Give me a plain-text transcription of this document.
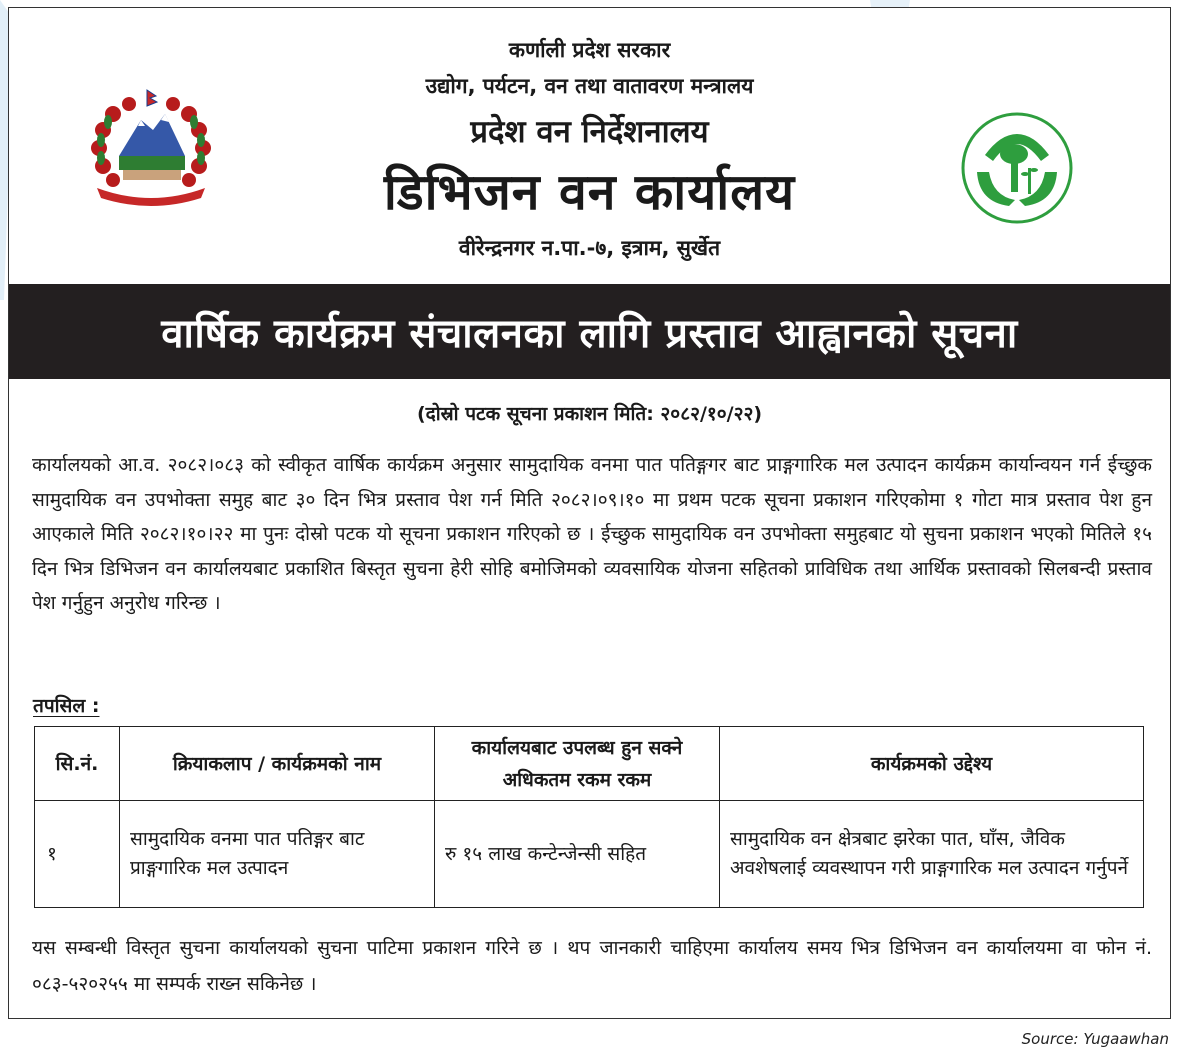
कर्णाली प्रदेश सरकार
उद्योग, पर्यटन, वन तथा वातावरण मन्त्रालय
प्रदेश वन निर्देशनालय
डिभिजन वन कार्यालय
वीरेन्द्रनगर न.पा.-७, इत्राम, सुर्खेत
वार्षिक कार्यक्रम संचालनका लागि प्रस्ताव आह्वानको सूचना
(दोस्रो पटक सूचना प्रकाशन मिति: २०८२/१०/२२)
कार्यालयको आ.व. २०८२।०८३ को स्वीकृत वार्षिक कार्यक्रम अनुसार सामुदायिक वनमा पात पतिङ्गगर बाट प्राङ्गगारिक मल उत्पादन कार्यक्रम कार्यान्वयन गर्न ईच्छुक सामुदायिक वन उपभोक्ता समुह बाट ३० दिन भित्र प्रस्ताव पेश गर्न मिति २०८२।०९।१० मा प्रथम पटक सूचना प्रकाशन गरिएकोमा १ गोटा मात्र प्रस्ताव पेश हुन आएकाले मिति २०८२।१०।२२ मा पुनः दोस्रो पटक यो सूचना प्रकाशन गरिएको छ । ईच्छुक सामुदायिक वन उपभोक्ता समुहबाट यो सुचना प्रकाशन भएको मितिले १५ दिन भित्र डिभिजन वन कार्यालयबाट प्रकाशित बिस्तृत सुचना हेरी सोहि बमोजिमको व्यवसायिक योजना सहितको प्राविधिक तथा आर्थिक प्रस्तावको सिलबन्दी प्रस्ताव पेश गर्नुहुन अनुरोध गरिन्छ ।
तपसिल :
सि.नं.	क्रियाकलाप / कार्यक्रमको नाम	कार्यालयबाट उपलब्ध हुन सक्ने अधिकतम रकम रकम	कार्यक्रमको उद्देश्य
१	सामुदायिक वनमा पात पतिङ्गर बाट प्राङ्गगारिक मल उत्पादन	रु १५ लाख कन्टेन्जेन्सी सहित	सामुदायिक वन क्षेत्रबाट झरेका पात, घाँस, जैविक अवशेषलाई व्यवस्थापन गरी प्राङ्गगारिक मल उत्पादन गर्नुपर्ने
यस सम्बन्धी विस्तृत सुचना कार्यालयको सुचना पाटिमा प्रकाशन गरिने छ । थप जानकारी चाहिएमा कार्यालय समय भित्र डिभिजन वन कार्यालयमा वा फोन नं. ०८३-५२०२५५ मा सम्पर्क राख्न सकिनेछ ।
Source: Yugaawhan
